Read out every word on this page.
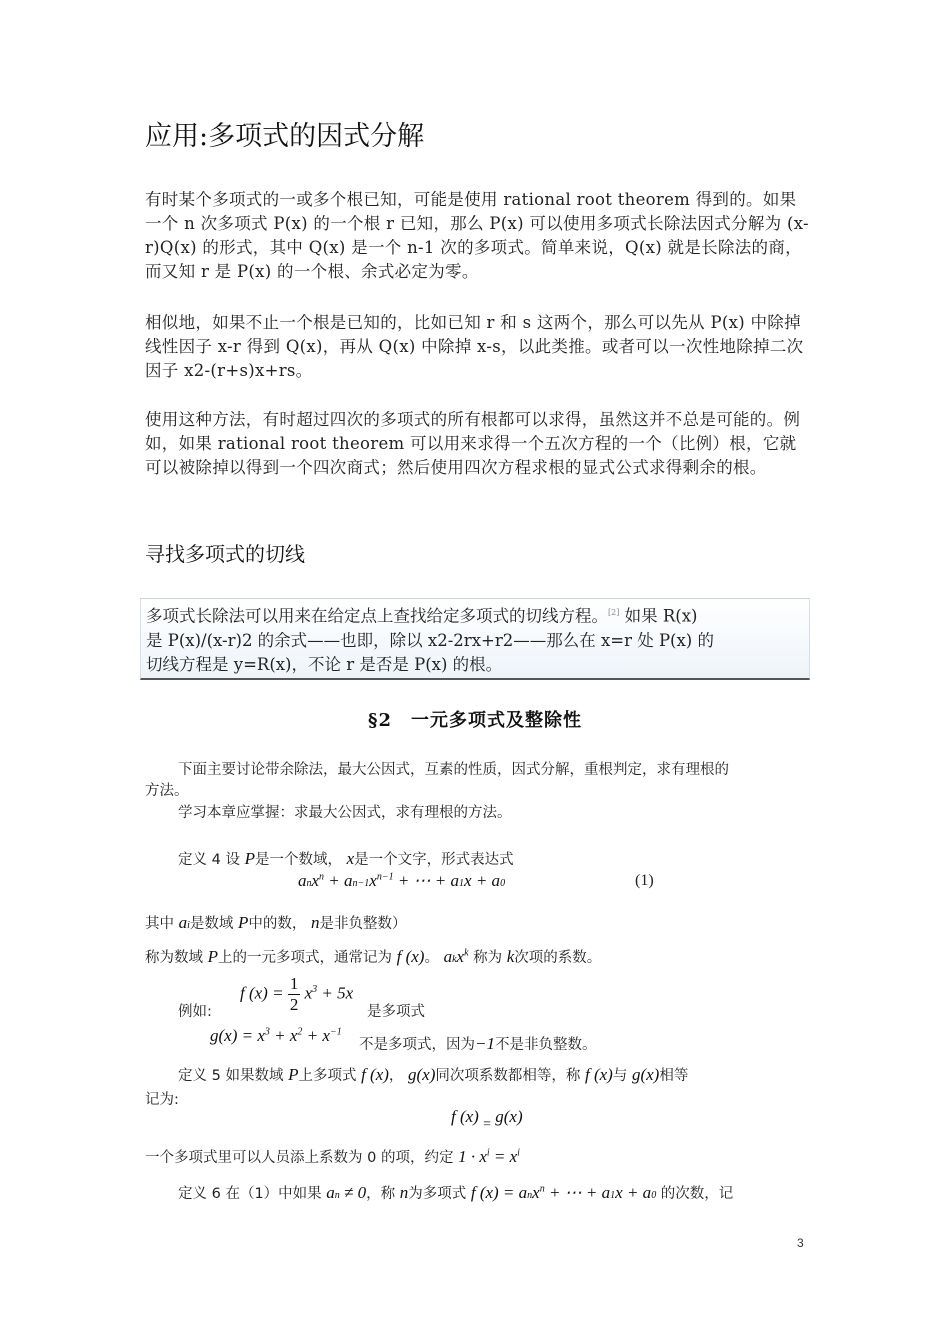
应用:多项式的因式分解
有时某个多项式的一或多个根已知，可能是使用 rational root theorem 得到的。如果一个 n 次多项式 P(x) 的一个根 r 已知，那么 P(x) 可以使用多项式长除法因式分解为 (x-r)Q(x) 的形式，其中 Q(x) 是一个 n-1 次的多项式。简单来说，Q(x) 就是长除法的商，而又知 r 是 P(x) 的一个根、余式必定为零。
相似地，如果不止一个根是已知的，比如已知 r 和 s 这两个，那么可以先从 P(x) 中除掉线性因子 x-r 得到 Q(x)，再从 Q(x) 中除掉 x-s，以此类推。或者可以一次性地除掉二次因子 x2-(r+s)x+rs。
使用这种方法，有时超过四次的多项式的所有根都可以求得，虽然这并不总是可能的。例如，如果 rational root theorem 可以用来求得一个五次方程的一个（比例）根，它就可以被除掉以得到一个四次商式；然后使用四次方程求根的显式公式求得剩余的根。
寻找多项式的切线
多项式长除法可以用来在给定点上查找给定多项式的切线方程。[2] 如果 R(x)
是 P(x)/(x-r)2 的余式——也即，除以 x2-2rx+r2——那么在 x=r 处 P(x) 的
切线方程是 y=R(x)，不论 r 是否是 P(x) 的根。
§2　一元多项式及整除性
下面主要讨论带余除法，最大公因式，互素的性质，因式分解，重根判定，求有理根的
方法。
学习本章应掌握：求最大公因式，求有理根的方法。
定义 4 设 P是一个数域， x是一个文字，形式表达式
$anx^n + an-1x^{n-1}$ + ⋯ + a1x + a0	(1)
其中 ai是数域 P中的数， n是非负整数）
称为数域 P上的一元多项式，通常记为 f (x)。 akx$^k$ 称为 k次项的系数。
f $(x) = \frac{1}{2} x^3 + 5x$
例如:	是多项式
$g(x) = x^3 + x^2 + x^{-1}$
不是多项式，因为−1不是非负整数。
定义 5 如果数域 P上多项式 f (x)， g(x)同次项系数都相等，称 f (x)与 g(x)相等
记为:
f (x) $_=$ g(x)
一个多项式里可以人员添上系数为 0 的项，约定 $1 \cdot x^i = x^i$
定义 6 在（1）中如果 an ≠ 0，称 n为多项式 f (x) = anx$^n$ + ⋯ + a1x + a0 的次数，记
3
